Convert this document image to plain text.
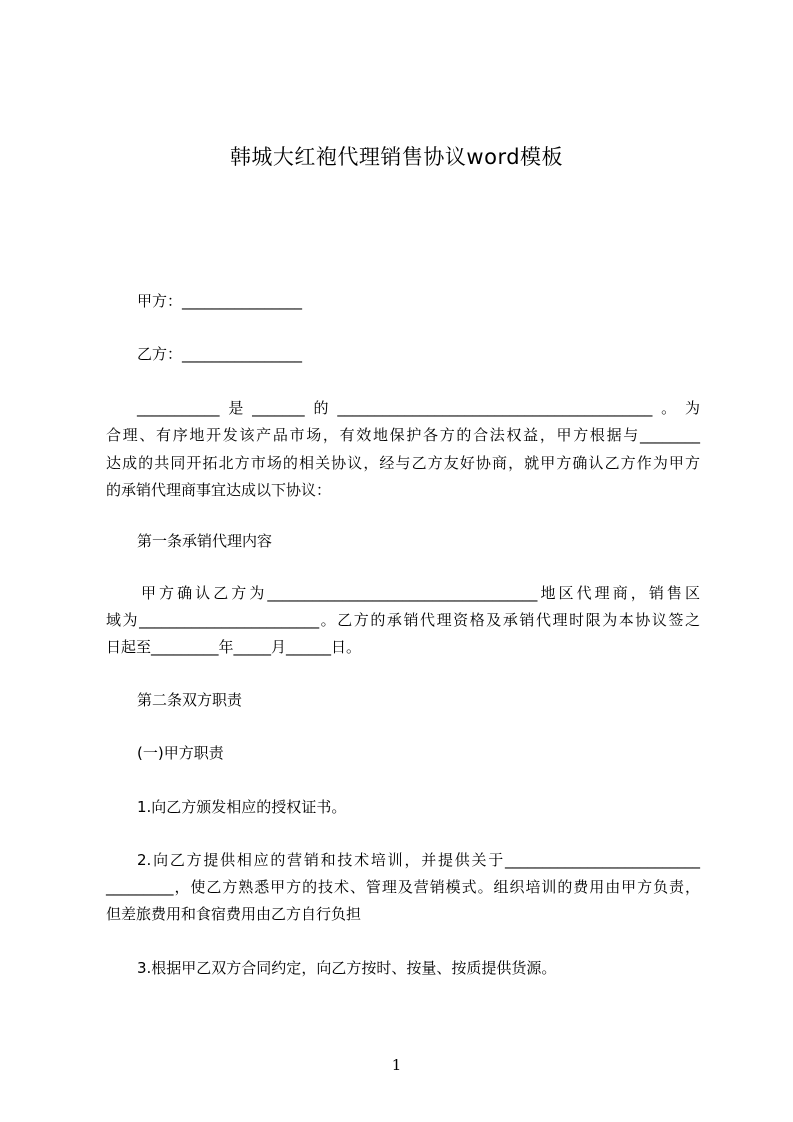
韩城大红袍代理销售协议word模板
甲方：________________
乙方：________________
___________是_______的__________________________________________。为
合理、有序地开发该产品市场，有效地保护各方的合法权益，甲方根据与________
达成的共同开拓北方市场的相关协议，经与乙方友好协商，就甲方确认乙方作为甲方
的承销代理商事宜达成以下协议：
第一条承销代理内容
甲方确认乙方为____________________________________地区代理商，销售区
域为________________________。乙方的承销代理资格及承销代理时限为本协议签之
日起至_________年_____月______日。
第二条双方职责
(一)甲方职责
1.向乙方颁发相应的授权证书。
2.向乙方提供相应的营销和技术培训，并提供关于__________________________
_________，使乙方熟悉甲方的技术、管理及营销模式。组织培训的费用由甲方负责，
但差旅费用和食宿费用由乙方自行负担
3.根据甲乙双方合同约定，向乙方按时、按量、按质提供货源。
1
